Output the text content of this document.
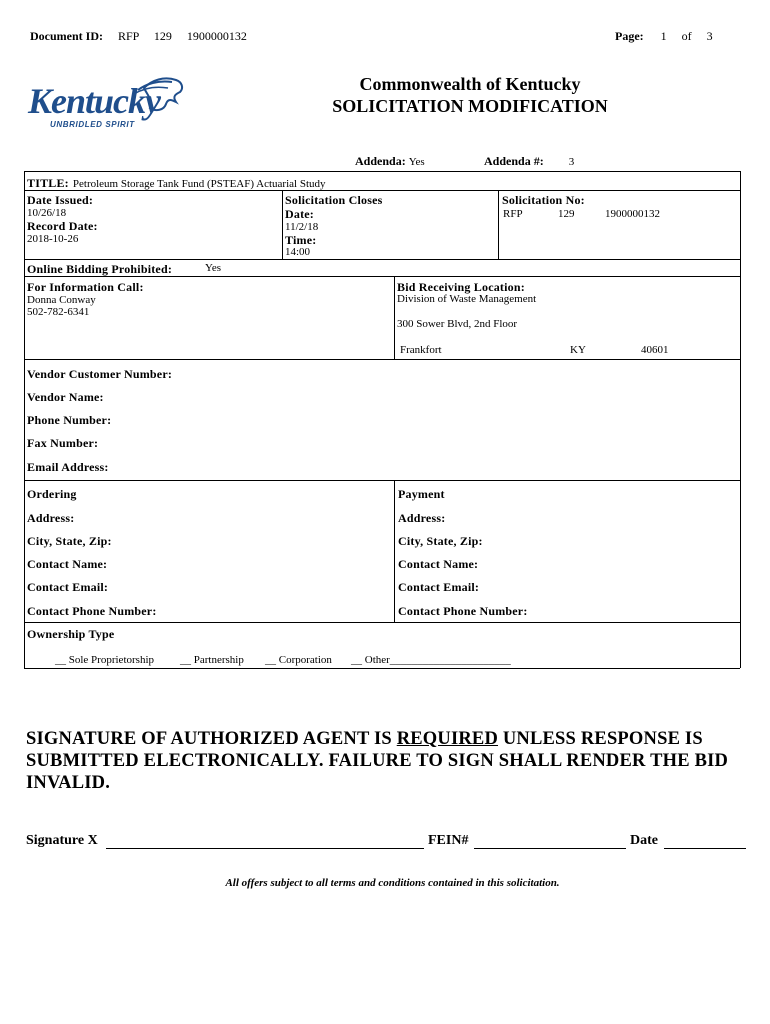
Document ID: RFP 129 1900000132	Page: 1 of 3
Kentucky
UNBRIDLED SPIRIT
Commonwealth of Kentucky
SOLICITATION MODIFICATION
Addenda: Yes	Addenda #: 3
TITLE: Petroleum Storage Tank Fund (PSTEAF) Actuarial Study
Date Issued:
10/26/18
Record Date:
2018-10-26
Solicitation Closes
Date:
11/2/18
Time:
14:00
Solicitation No:
RFP	129	1900000132
Online Bidding Prohibited:	Yes
For Information Call:
Donna Conway
502-782-6341
Bid Receiving Location:
Division of Waste Management
300 Sower Blvd, 2nd Floor
Frankfort	KY	40601
Vendor Customer Number:
Vendor Name:
Phone Number:
Fax Number:
Email Address:
Ordering
Address:
City, State, Zip:
Contact Name:
Contact Email:
Contact Phone Number:
Payment
Address:
City, State, Zip:
Contact Name:
Contact Email:
Contact Phone Number:
Ownership Type
__ Sole Proprietorship __ Partnership __ Corporation __ Other______________________
SIGNATURE OF AUTHORIZED AGENT IS REQUIRED UNLESS RESPONSE IS SUBMITTED ELECTRONICALLY. FAILURE TO SIGN SHALL RENDER THE BID INVALID.
Signature X	FEIN#	Date
All offers subject to all terms and conditions contained in this solicitation.
